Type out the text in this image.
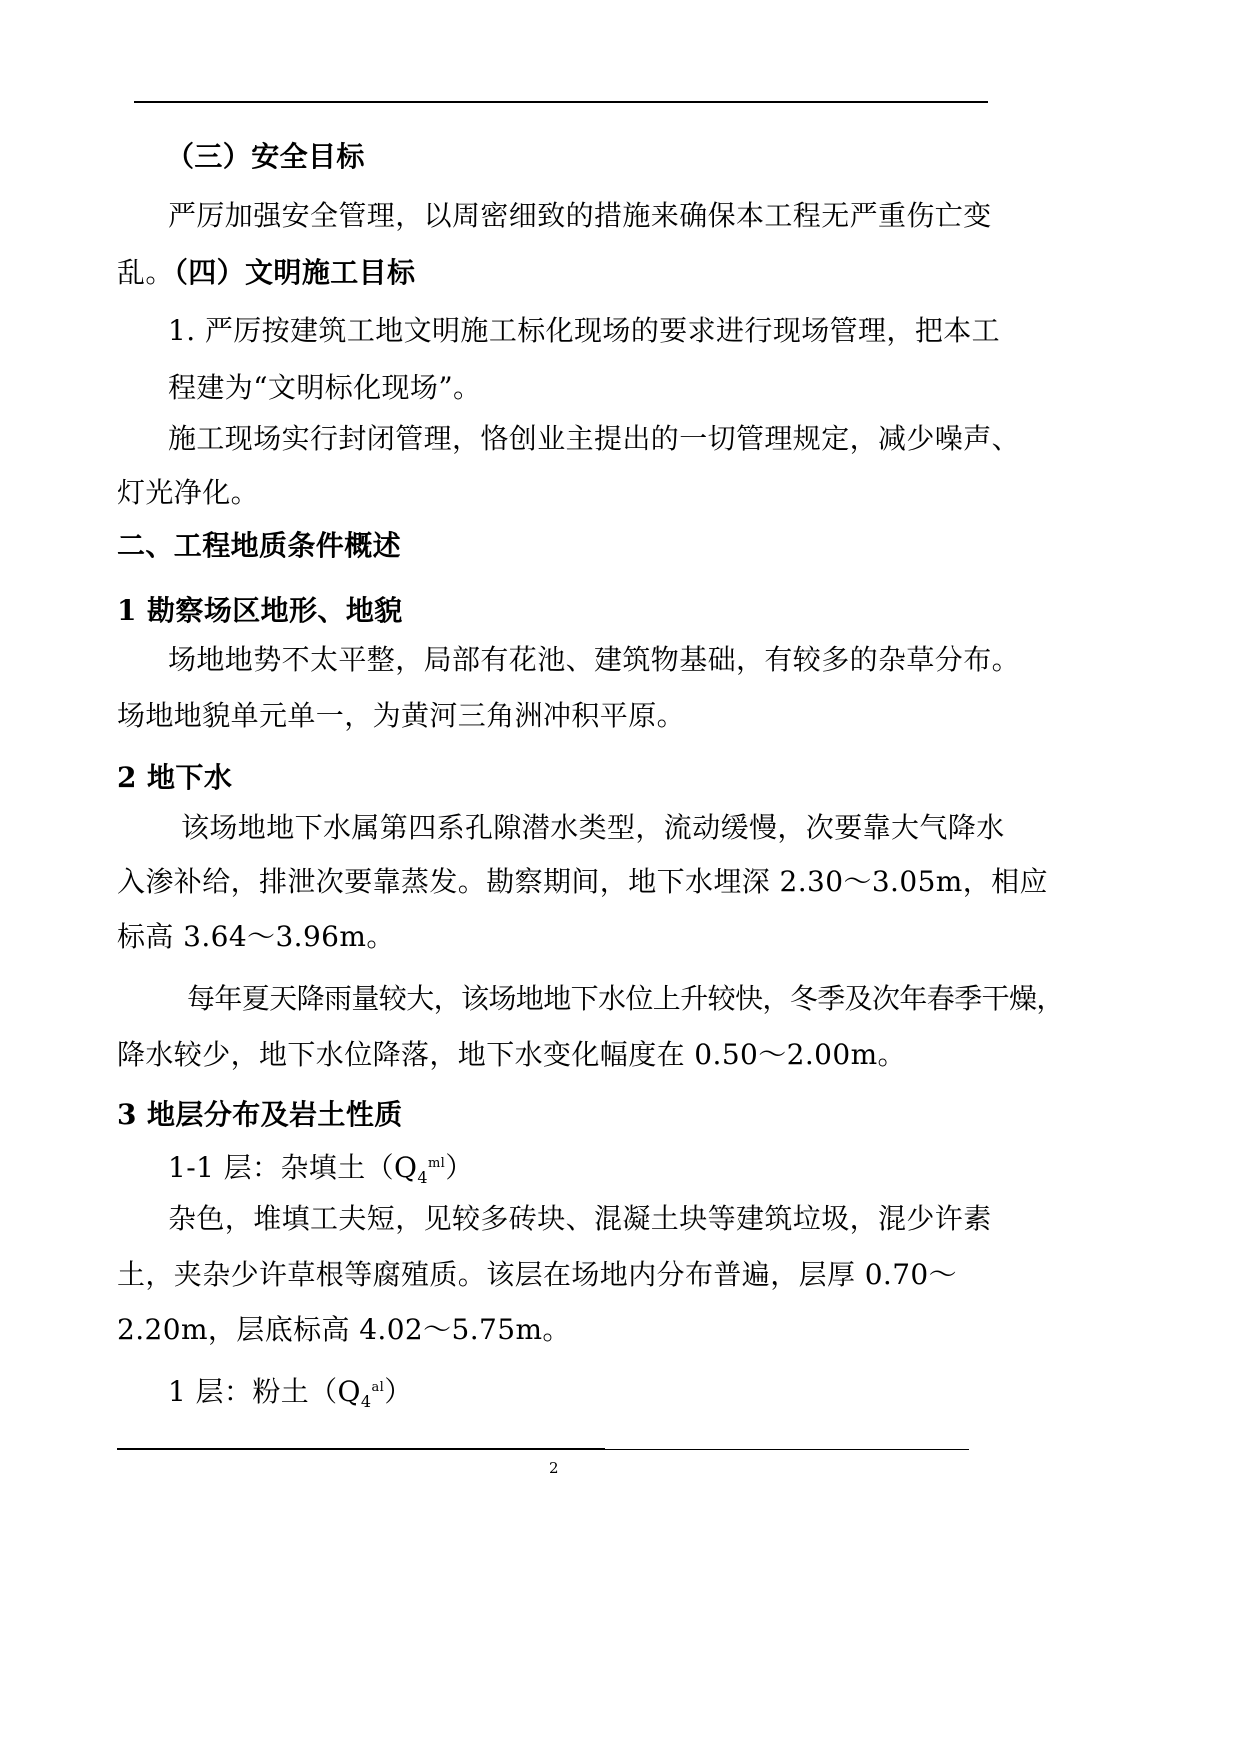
（三）安全目标
严厉加强安全管理，以周密细致的措施来确保本工程无严重伤亡变
乱。（四）文明施工目标
1. 严厉按建筑工地文明施工标化现场的要求进行现场管理，把本工
程建为“文明标化现场”。
施工现场实行封闭管理，恪创业主提出的一切管理规定，减少噪声、
灯光净化。
二、工程地质条件概述
1 勘察场区地形、地貌
场地地势不太平整，局部有花池、建筑物基础，有较多的杂草分布。
场地地貌单元单一，为黄河三角洲冲积平原。
2 地下水
该场地地下水属第四系孔隙潜水类型，流动缓慢，次要靠大气降水
入渗补给，排泄次要靠蒸发。勘察期间，地下水埋深 2.30～3.05m，相应
标高 3.64～3.96m。
每年夏天降雨量较大，该场地地下水位上升较快，冬季及次年春季干燥，
降水较少，地下水位降落，地下水变化幅度在 0.50～2.00m。
3 地层分布及岩土性质
1-1 层：杂填土$(Q_4^{ml})$
杂色，堆填工夫短，见较多砖块、混凝土块等建筑垃圾，混少许素
土，夹杂少许草根等腐殖质。该层在场地内分布普遍，层厚 0.70～
2.20m，层底标高 4.02～5.75m。
1 层：粉土$(Q_4^{al})$
2
